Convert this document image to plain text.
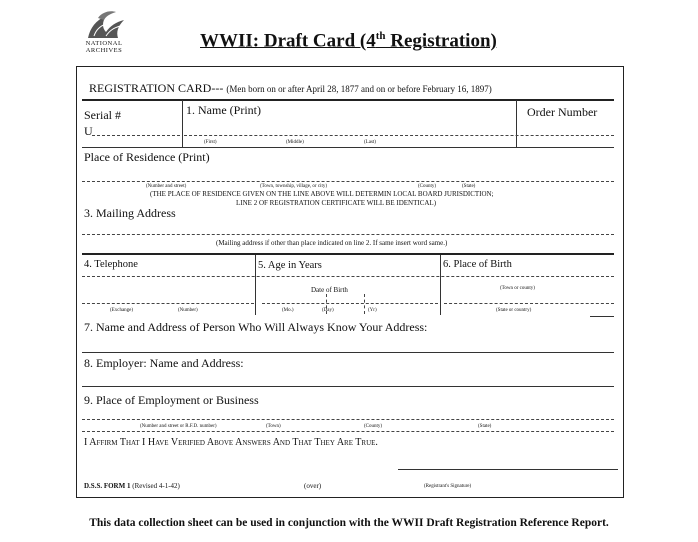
NATIONAL
ARCHIVES	WWII: Draft Card (4th Registration)
REGISTRATION CARD--- (Men born on or after April 28, 1877 and on or before February 16, 1897)
Serial #
U
1. Name (Print)	Order Number
(First)	(Middle)	(Last)
Place of Residence (Print)
(Number and street)	(Town, township, village, or city)	(County)	(State)
(THE PLACE OF RESIDENCE GIVEN ON THE LINE ABOVE WILL DETERMIN LOCAL BOARD JURISDICTION;
LINE 2 OF REGISTRATION CERTIFICATE WILL BE IDENTICAL)
3. Mailing Address
(Mailing address if other than place indicated on line 2. If same insert word same.)
4. Telephone	5. Age in Years	6. Place of Birth
Date of Birth	(Town or county)
(Exchange)	(Number)	(Mo.)	(Day)	(Yr)	(State or country)
7. Name and Address of Person Who Will Always Know Your Address:
8. Employer: Name and Address:
9. Place of Employment or Business
(Number and street or R.F.D. number)	(Town)	(County)	(State)
I Affirm That I Have Verified Above Answers And That They Are True.
D.S.S. FORM 1 (Revised 4-1-42)	(over)	(Registrant's Signature)
This data collection sheet can be used in conjunction with the WWII Draft Registration Reference Report.
